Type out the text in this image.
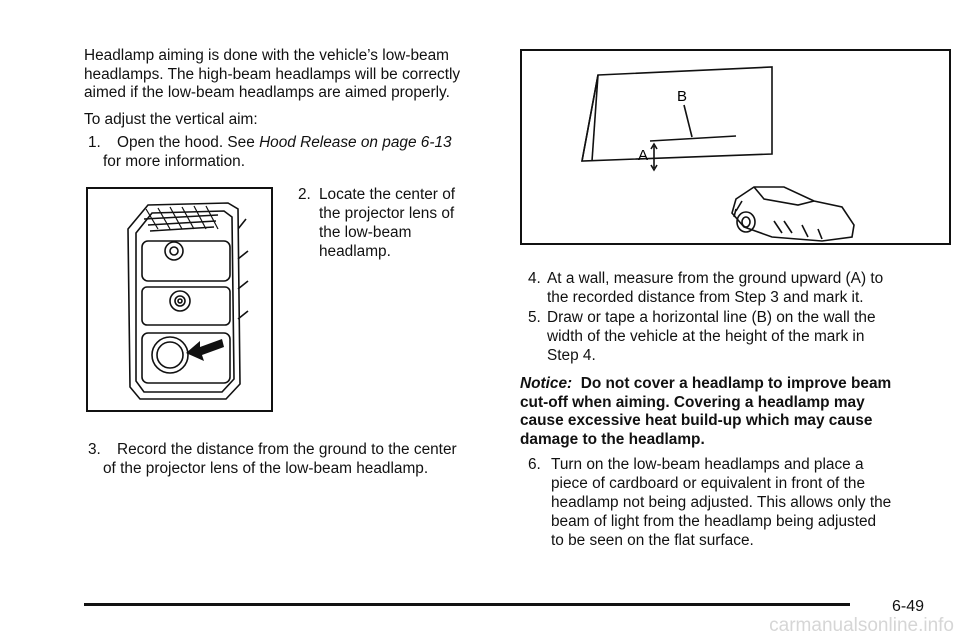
Headlamp aiming is done with the vehicle’s low-beam headlamps. The high-beam headlamps will be correctly aimed if the low-beam headlamps are aimed properly.
To adjust the vertical aim:
1. Open the hood. See Hood Release on page 6-13
for more information.
2. Locate the center of
the projector lens of
the low-beam
headlamp.
3. Record the distance from the ground to the center
of the projector lens of the low-beam headlamp.
B
A
4. At a wall, measure from the ground upward (A) to
the recorded distance from Step 3 and mark it.
5. Draw or tape a horizontal line (B) on the wall the
width of the vehicle at the height of the mark in
Step 4.
Notice: Do not cover a headlamp to improve beam
cut-off when aiming. Covering a headlamp may
cause excessive heat build-up which may cause
damage to the headlamp.
6. Turn on the low-beam headlamps and place a
piece of cardboard or equivalent in front of the
headlamp not being adjusted. This allows only the
beam of light from the headlamp being adjusted
to be seen on the flat surface.
6-49
carmanualsonline.info
